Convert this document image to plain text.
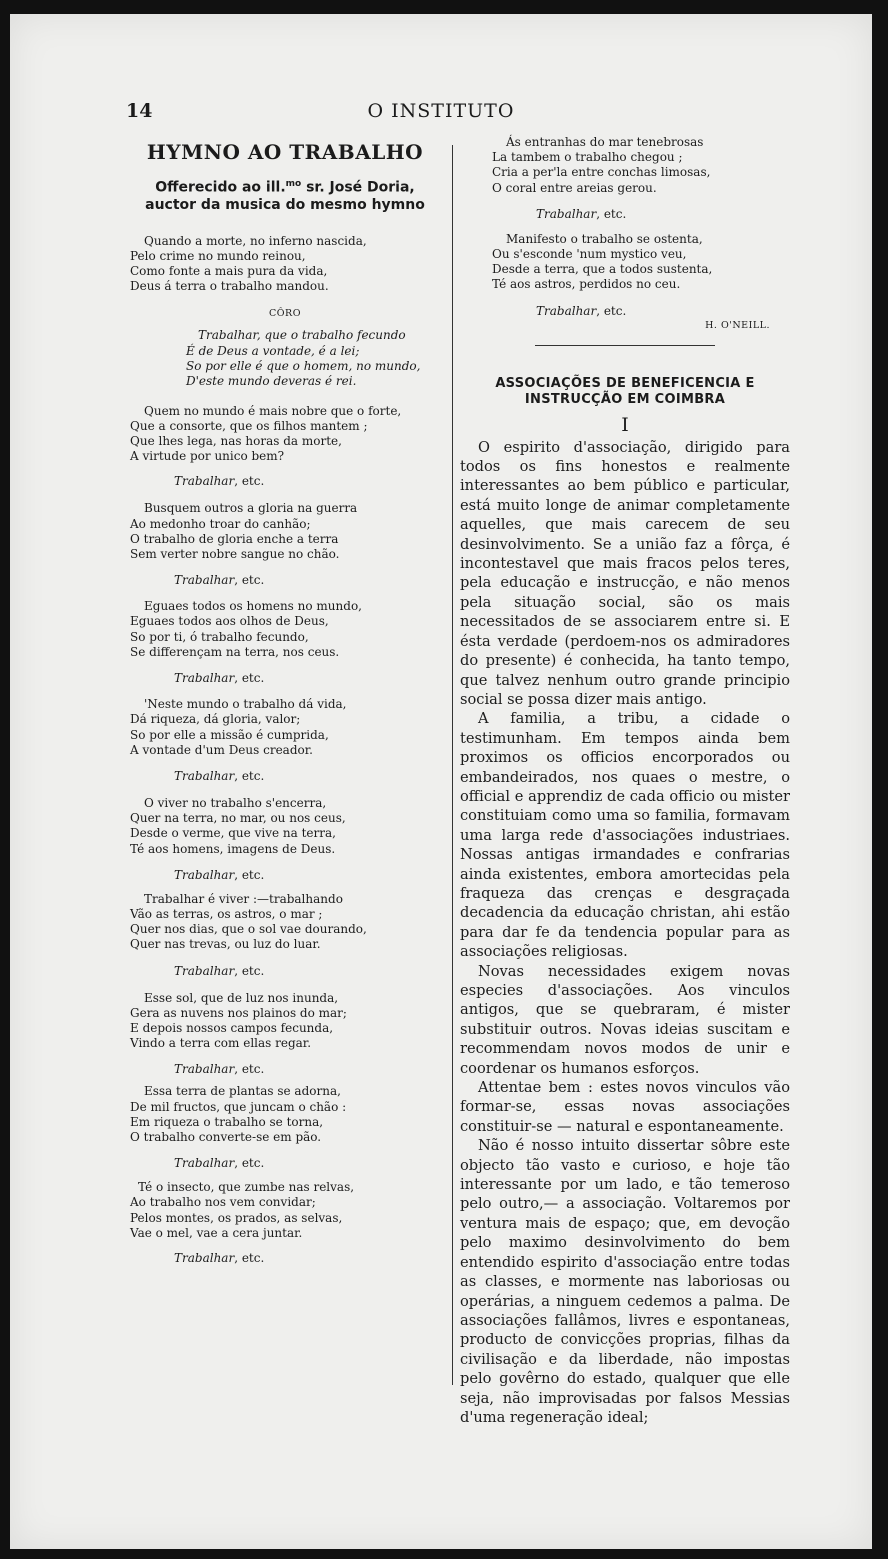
14	O INSTITUTO
HYMNO AO TRABALHO
Offerecido ao ill.$^{mo}$ sr. José Doria, auctor da musica do mesmo hymno
Quando a morte, no inferno nascida,
Pelo crime no mundo reinou,
Como fonte a mais pura da vida,
Deus á terra o trabalho mandou.
CÔRO
Trabalhar, que o trabalho fecundo
É de Deus a vontade, é a lei;
So por elle é que o homem, no mundo,
D'este mundo deveras é rei.
Quem no mundo é mais nobre que o forte,
Que a consorte, que os filhos mantem ;
Que lhes lega, nas horas da morte,
A virtude por unico bem?
Trabalhar, etc.
Busquem outros a gloria na guerra
Ao medonho troar do canhão;
O trabalho de gloria enche a terra
Sem verter nobre sangue no chão.
Trabalhar, etc.
Eguaes todos os homens no mundo,
Eguaes todos aos olhos de Deus,
So por ti, ó trabalho fecundo,
Se differençam na terra, nos ceus.
Trabalhar, etc.
'Neste mundo o trabalho dá vida,
Dá riqueza, dá gloria, valor;
So por elle a missão é cumprida,
A vontade d'um Deus creador.
Trabalhar, etc.
O viver no trabalho s'encerra,
Quer na terra, no mar, ou nos ceus,
Desde o verme, que vive na terra,
Té aos homens, imagens de Deus.
Trabalhar, etc.
Trabalhar é viver :—trabalhando
Vão as terras, os astros, o mar ;
Quer nos dias, que o sol vae dourando,
Quer nas trevas, ou luz do luar.
Trabalhar, etc.
Esse sol, que de luz nos inunda,
Gera as nuvens nos plainos do mar;
E depois nossos campos fecunda,
Vindo a terra com ellas regar.
Trabalhar, etc.
Essa terra de plantas se adorna,
De mil fructos, que juncam o chão :
Em riqueza o trabalho se torna,
O trabalho converte-se em pão.
Trabalhar, etc.
Té o insecto, que zumbe nas relvas,
Ao trabalho nos vem convidar;
Pelos montes, os prados, as selvas,
Vae o mel, vae a cera juntar.
Trabalhar, etc.
Ás entranhas do mar tenebrosas
La tambem o trabalho chegou ;
Cria a per'la entre conchas limosas,
O coral entre areias gerou.
Trabalhar, etc.
Manifesto o trabalho se ostenta,
Ou s'esconde 'num mystico veu,
Desde a terra, que a todos sustenta,
Té aos astros, perdidos no ceu.
Trabalhar, etc.
H. O'NEILL.
ASSOCIAÇÕES DE BENEFICENCIA E INSTRUCÇÃO EM COIMBRA
I

O espirito d'associação, dirigido para todos os fins honestos e realmente interessantes ao bem público e particular, está muito longe de animar completamente aquelles, que mais carecem de seu desinvolvimento. Se a união faz a fôrça, é incontestavel que mais fracos pelos teres, pela educação e instrucção, e não menos pela situação social, são os mais necessitados de se associarem entre si. E ésta verdade (perdoem-nos os admiradores do presente) é conhecida, ha tanto tempo, que talvez nenhum outro grande principio social se possa dizer mais antigo.

A familia, a tribu, a cidade o testimunham. Em tempos ainda bem proximos os officios encorporados ou embandeirados, nos quaes o mestre, o official e apprendiz de cada officio ou mister constituiam como uma so familia, formavam uma larga rede d'associações industriaes. Nossas antigas irmandades e confrarias ainda existentes, embora amortecidas pela fraqueza das crenças e desgraçada decadencia da educação christan, ahi estão para dar fe da tendencia popular para as associações religiosas.

Novas necessidades exigem novas especies d'associações. Aos vinculos antigos, que se quebraram, é mister substituir outros. Novas ideias suscitam e recommendam novos modos de unir e coordenar os humanos esforços.

Attentae bem : estes novos vinculos vão formar-se, essas novas associações constituir-se — natural e espontaneamente.

Não é nosso intuito dissertar sôbre este objecto tão vasto e curioso, e hoje tão interessante por um lado, e tão temeroso pelo outro,— a associação. Voltaremos por ventura mais de espaço; que, em devoção pelo maximo desinvolvimento do bem entendido espirito d'associação entre todas as classes, e mormente nas laboriosas ou operárias, a ninguem cedemos a palma. De associações fallâmos, livres e espontaneas, producto de convicções proprias, filhas da civilisação e da liberdade, não impostas pelo govêrno do estado, qualquer que elle seja, não improvisadas por falsos Messias d'uma regeneração ideal;
